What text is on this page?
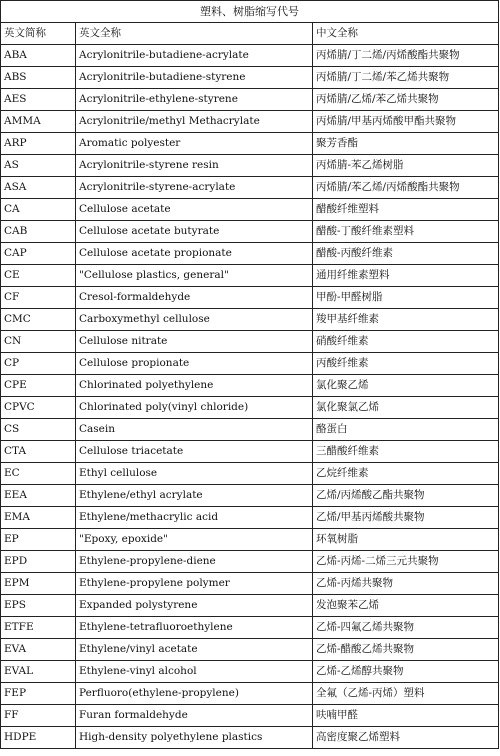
塑料、树脂缩写代号		
英文简称	英文全称	中文全称
ABA	Acrylonitrile-butadiene-acrylate	丙烯腈/丁二烯/丙烯酸酯共聚物
ABS	Acrylonitrile-butadiene-styrene	丙烯腈/丁二烯/苯乙烯共聚物
AES	Acrylonitrile-ethylene-styrene	丙烯腈/乙烯/苯乙烯共聚物
AMMA	Acrylonitrile/methyl Methacrylate	丙烯腈/甲基丙烯酸甲酯共聚物
ARP	Aromatic polyester	聚芳香酯
AS	Acrylonitrile-styrene resin	丙烯腈-苯乙烯树脂
ASA	Acrylonitrile-styrene-acrylate	丙烯腈/苯乙烯/丙烯酸酯共聚物
CA	Cellulose acetate	醋酸纤维塑料
CAB	Cellulose acetate butyrate	醋酸-丁酸纤维素塑料
CAP	Cellulose acetate propionate	醋酸-丙酸纤维素
CE	"Cellulose plastics, general"	通用纤维素塑料
CF	Cresol-formaldehyde	甲酚-甲醛树脂
CMC	Carboxymethyl cellulose	羧甲基纤维素
CN	Cellulose nitrate	硝酸纤维素
CP	Cellulose propionate	丙酸纤维素
CPE	Chlorinated polyethylene	氯化聚乙烯
CPVC	Chlorinated poly(vinyl chloride)	氯化聚氯乙烯
CS	Casein	酪蛋白
CTA	Cellulose triacetate	三醋酸纤维素
EC	Ethyl cellulose	乙烷纤维素
EEA	Ethylene/ethyl acrylate	乙烯/丙烯酸乙酯共聚物
EMA	Ethylene/methacrylic acid	乙烯/甲基丙烯酸共聚物
EP	"Epoxy, epoxide"	环氧树脂
EPD	Ethylene-propylene-diene	乙烯-丙烯-二烯三元共聚物
EPM	Ethylene-propylene polymer	乙烯-丙烯共聚物
EPS	Expanded polystyrene	发泡聚苯乙烯
ETFE	Ethylene-tetrafluoroethylene	乙烯-四氟乙烯共聚物
EVA	Ethylene/vinyl acetate	乙烯-醋酸乙烯共聚物
EVAL	Ethylene-vinyl alcohol	乙烯-乙烯醇共聚物
FEP	Perfluoro(ethylene-propylene)	全氟（乙烯-丙烯）塑料
FF	Furan formaldehyde	呋喃甲醛
HDPE	High-density polyethylene plastics	高密度聚乙烯塑料
